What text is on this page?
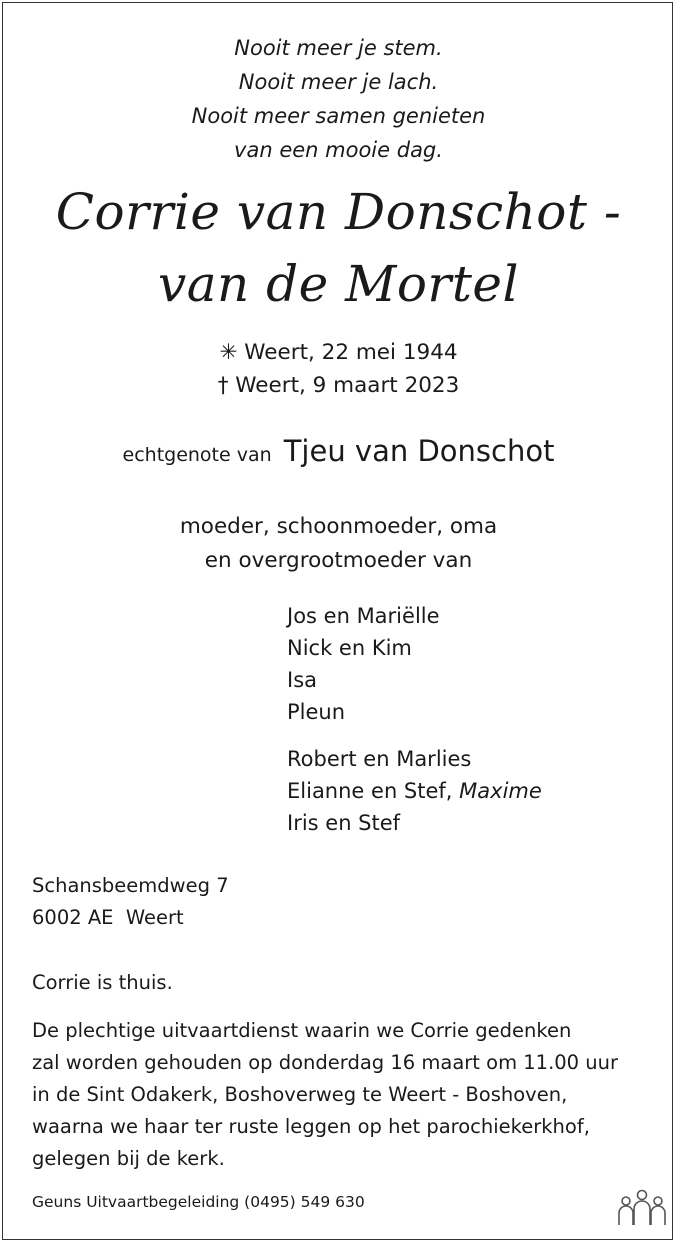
Nooit meer je stem.
Nooit meer je lach.
Nooit meer samen genieten
van een mooie dag.
Corrie van Donschot -
van de Mortel
✳ Weert, 22 mei 1944
† Weert, 9 maart 2023
echtgenote van Tjeu van Donschot
moeder, schoonmoeder, oma
en overgrootmoeder van
Jos en Mariëlle
Nick en Kim
Isa
Pleun
Robert en Marlies
Elianne en Stef, Maxime
Iris en Stef
Schansbeemdweg 7
6002 AE  Weert
Corrie is thuis.
De plechtige uitvaartdienst waarin we Corrie gedenken
zal worden gehouden op donderdag 16 maart om 11.00 uur
in de Sint Odakerk, Boshoverweg te Weert - Boshoven,
waarna we haar ter ruste leggen op het parochiekerkhof,
gelegen bij de kerk.
Geuns Uitvaartbegeleiding (0495) 549 630
